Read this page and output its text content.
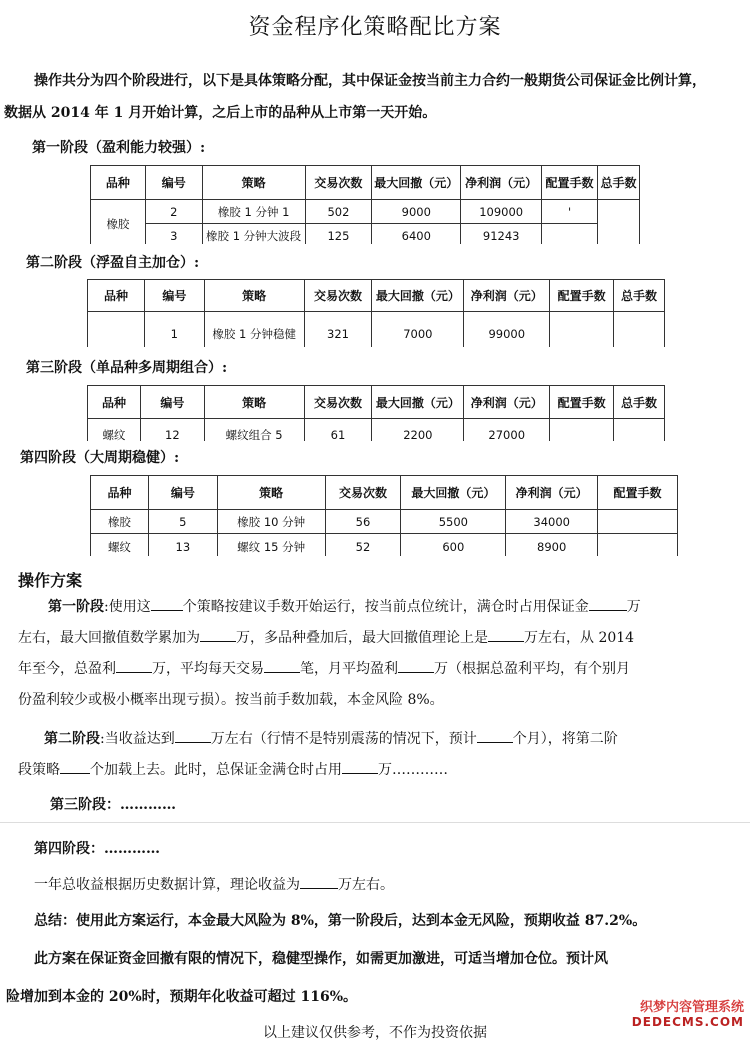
资金程序化策略配比方案
操作共分为四个阶段进行，以下是具体策略分配，其中保证金按当前主力合约一般期货公司保证金比例计算，
数据从 2014 年 1 月开始计算，之后上市的品种从上市第一天开始。
第一阶段（盈利能力较强）:
品种	编号	策略	交易次数	最大回撤（元）	净利润（元）	配置手数	总手数
橡胶	2	橡胶 1 分钟 1	502	9000	109000	'	
	3	橡胶 1 分钟大波段	125	6400	91243		
第二阶段（浮盈自主加仓）:
品种	编号	策略	交易次数	最大回撤（元）	净利润（元）	配置手数	总手数
	1	橡胶 1 分钟稳健	321	7000	99000		
第三阶段（单品种多周期组合）:
品种	编号	策略	交易次数	最大回撤（元）	净利润（元）	配置手数	总手数
螺纹	12	螺纹组合 5	61	2200	27000		
第四阶段（大周期稳健）:
品种	编号	策略	交易次数	最大回撤（元）	净利润（元）	配置手数
橡胶	5	橡胶 10 分钟	56	5500	34000	
螺纹	13	螺纹 15 分钟	52	600	8900	
操作方案
第一阶段:使用这 个策略按建议手数开始运行，按当前点位统计，满仓时占用保证金	万
左右，最大回撤值数学累加为	万，多品种叠加后，最大回撤值理论上是	万左右，从 2014
年至今，总盈利	万，平均每天交易	笔，月平均盈利	万（根据总盈利平均，有个别月
份盈利较少或极小概率出现亏损）。按当前手数加载，本金风险 8%。
第二阶段:当收益达到	万左右（行情不是特别震荡的情况下，预计	个月），将第二阶
段策略 个加载上去。此时，总保证金满仓时占用	万…………
第三阶段：…………
第四阶段：…………
一年总收益根据历史数据计算，理论收益为	万左右。
总结：使用此方案运行，本金最大风险为 8%，第一阶段后，达到本金无风险，预期收益 87.2%。
此方案在保证资金回撤有限的情况下，稳健型操作，如需更加激进，可适当增加仓位。预计风
险增加到本金的 20%时，预期年化收益可超过 116%。
以上建议仅供参考，不作为投资依据
织梦内容管理系统
DEDECMS.COM
